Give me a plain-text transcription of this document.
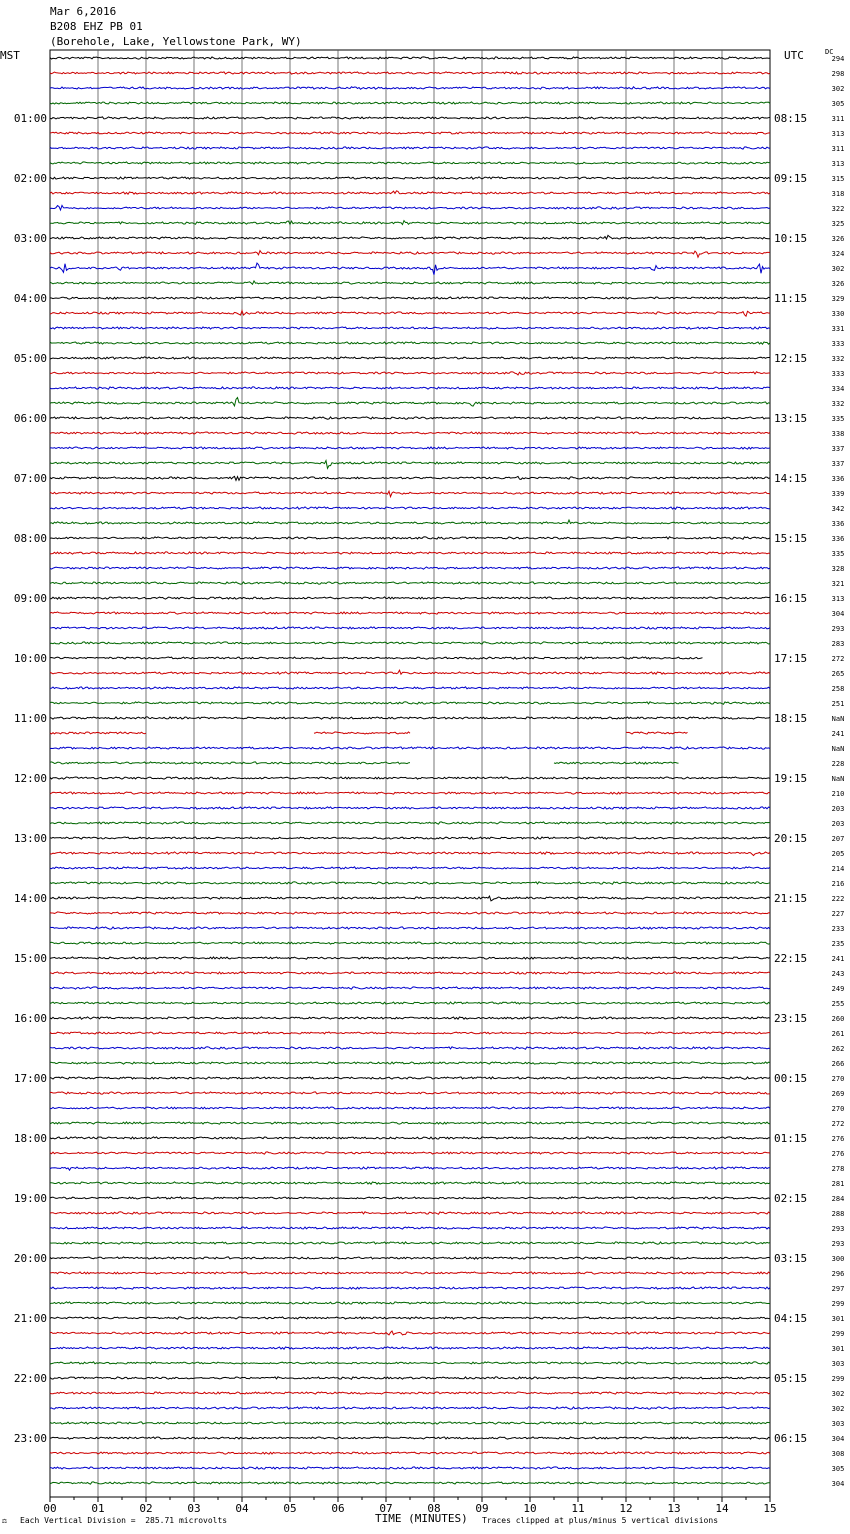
Mar 6,2016
B208 EHZ PB 01
(Borehole, Lake, Yellowstone Park, WY)
MST	UTC	DC
00	01	02	03	04	05	06	07	08	09	10	11	12	13	14	15
294
298
302
305
311
313
311
313
315
318
322
325
326
324
302
326
329
330
331
333
332
333
334
332
335
338
337
337
336
339
342
336
336
335
328
321
313
304
293
283
272
265
258
251
NaN
241
NaN
228
NaN
210
203
203
207
205
214
216
222
227
233
235
241
243
249
255
260
261
262
266
270
269
270
272
276
276
278
281
284
288
293
293
300
296
297
299
301
299
301
303
299
302
302
303
304
308
305
304
01:00
02:00
03:00
04:00
05:00
06:00
07:00
08:00
09:00
10:00
11:00
12:00
13:00
14:00
15:00
16:00
17:00
18:00
19:00
20:00
21:00
22:00
23:00
08:15
09:15
10:15
11:15
12:15
13:15
14:15
15:15
16:15
17:15
18:15
19:15
20:15
21:15
22:15
23:15
00:15
01:15
02:15
03:15
04:15
05:15
06:15
⚖ Each Vertical Division =  285.71 microvolts	TIME (MINUTES) Traces clipped at plus/minus 5 vertical divisions
